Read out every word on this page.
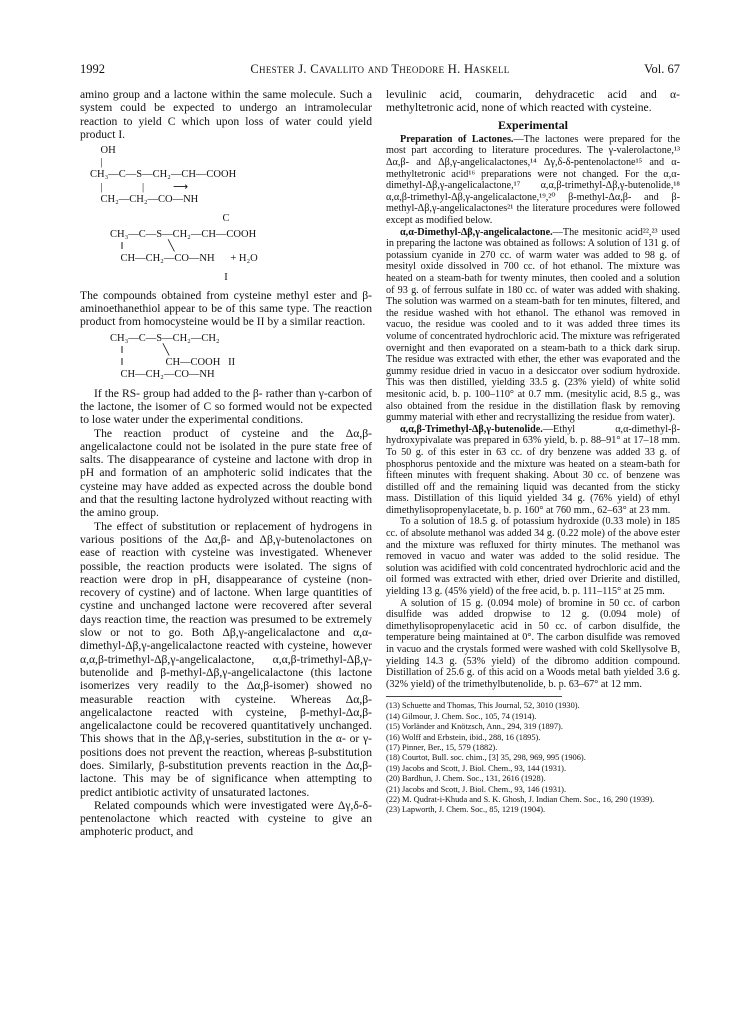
1992	Chester J. Cavallito and Theodore H. Haskell	Vol. 67

amino group and a lactone within the same molecule. Such a system could be expected to undergo an intramolecular reaction to yield C which upon loss of water could yield product I.

OH
|
CH₃—C—S—CH₂—CH—COOH
|               |	⟶
CH₂—CH₂—CO—NH
C
CH₃—C—S—CH₂—CH—COOH
‖                 ╲
CH—CH₂—CO—NH      + H₂O
I

The compounds obtained from cysteine methyl ester and β-aminoethanethiol appear to be of this same type. The reaction product from homocysteine would be II by a similar reaction.

CH₃—C—S—CH₂—CH₂
‖               ╲
‖                CH—COOH   II
CH—CH₂—CO—NH

If the RS- group had added to the β- rather than γ-carbon of the lactone, the isomer of C so formed would not be expected to lose water under the experimental conditions.

The reaction product of cysteine and the Δα,β-angelicalactone could not be isolated in the pure state free of salts. The disappearance of cysteine and lactone with drop in pH and formation of an amphoteric solid indicates that the cysteine may have added as expected across the double bond and that the resulting lactone hydrolyzed without reacting with the amino group.

The effect of substitution or replacement of hydrogens in various positions of the Δα,β- and Δβ,γ-butenolactones on ease of reaction with cysteine was investigated. Whenever possible, the reaction products were isolated. The signs of reaction were drop in pH, disappearance of cysteine (non-recovery of cystine) and of lactone. When large quantities of cystine and unchanged lactone were recovered after several days reaction time, the reaction was presumed to be extremely slow or not to go. Both Δβ,γ-angelicalactone and α,α-dimethyl-Δβ,γ-angelicalactone reacted with cysteine, however α,α,β-trimethyl-Δβ,γ-angelicalactone, α,α,β-trimethyl-Δβ,γ-butenolide and β-methyl-Δβ,γ-angelicalactone (this lactone isomerizes very readily to the Δα,β-isomer) showed no measurable reaction with cysteine. Whereas Δα,β-angelicalactone reacted with cysteine, β-methyl-Δα,β-angelicalactone could be recovered quantitatively unchanged. This shows that in the Δβ,γ-series, substitution in the α- or γ-positions does not prevent the reaction, whereas β-substitution does. Similarly, β-substitution prevents reaction in the Δα,β-lactone. This may be of significance when attempting to predict antibiotic activity of unsaturated lactones.

Related compounds which were investigated were Δγ,δ-δ-pentenolactone which reacted with cysteine to give an amphoteric product, and

levulinic acid, coumarin, dehydracetic acid and α-methyltetronic acid, none of which reacted with cysteine.

Experimental

Preparation of Lactones.—The lactones were prepared for the most part according to literature procedures. The γ-valerolactone,¹³ Δα,β- and Δβ,γ-angelicalactones,¹⁴ Δγ,δ-δ-pentenolactone¹⁵ and α-methyltetronic acid¹⁶ preparations were not changed. For the α,α-dimethyl-Δβ,γ-angelicalactone,¹⁷ α,α,β-trimethyl-Δβ,γ-butenolide,¹⁸ α,α,β-trimethyl-Δβ,γ-angelicalactone,¹⁹,²⁰ β-methyl-Δα,β- and β-methyl-Δβ,γ-angelicalactones²¹ the literature procedures were followed except as modified below.

α,α-Dimethyl-Δβ,γ-angelicalactone.—The mesitonic acid²²,²³ used in preparing the lactone was obtained as follows: A solution of 131 g. of potassium cyanide in 270 cc. of warm water was added to 98 g. of mesityl oxide dissolved in 700 cc. of hot ethanol. The mixture was heated on a steam-bath for twenty minutes, then cooled and a solution of 93 g. of ferrous sulfate in 180 cc. of water was added with shaking. The solution was warmed on a steam-bath for ten minutes, filtered, and the residue washed with hot ethanol. The ethanol was removed in vacuo, the residue was cooled and to it was added three times its volume of concentrated hydrochloric acid. The mixture was refrigerated overnight and then evaporated on a steam-bath to a thick dark sirup. The residue was extracted with ether, the ether was evaporated and the gummy residue dried in vacuo in a desiccator over sodium hydroxide. This was then distilled, yielding 33.5 g. (23% yield) of white solid mesitonic acid, b. p. 100–110° at 0.7 mm. (mesitylic acid, 8.5 g., was also obtained from the residue in the distillation flask by removing gummy material with ether and recrystallizing the residue from water).

α,α,β-Trimethyl-Δβ,γ-butenolide.—Ethyl α,α-dimethyl-β-hydroxypivalate was prepared in 63% yield, b. p. 88–91° at 17–18 mm. To 50 g. of this ester in 63 cc. of dry benzene was added 33 g. of phosphorus pentoxide and the mixture was heated on a steam-bath for fifteen minutes with frequent shaking. About 30 cc. of benzene was distilled off and the remaining liquid was decanted from the sticky mass. Distillation of this liquid yielded 34 g. (76% yield) of ethyl dimethylisopropenylacetate, b. p. 160° at 760 mm., 62–63° at 23 mm.

To a solution of 18.5 g. of potassium hydroxide (0.33 mole) in 185 cc. of absolute methanol was added 34 g. (0.22 mole) of the above ester and the mixture was refluxed for thirty minutes. The methanol was removed in vacuo and water was added to the solid residue. The solution was acidified with cold concentrated hydrochloric acid and the oil formed was extracted with ether, dried over Drierite and distilled, yielding 13 g. (45% yield) of the free acid, b. p. 111–115° at 25 mm.

A solution of 15 g. (0.094 mole) of bromine in 50 cc. of carbon disulfide was added dropwise to 12 g. (0.094 mole) of dimethylisopropenylacetic acid in 50 cc. of carbon disulfide, the temperature being maintained at 0°. The carbon disulfide was removed in vacuo and the crystals formed were washed with cold Skellysolve B, yielding 14.3 g. (53% yield) of the dibromo addition compound. Distillation of 25.6 g. of this acid on a Woods metal bath yielded 3.6 g. (32% yield) of the trimethylbutenolide, b. p. 63–67° at 12 mm.

(13) Schuette and Thomas, This Journal, 52, 3010 (1930).
(14) Gilmour, J. Chem. Soc., 105, 74 (1914).
(15) Vorländer and Knötzsch, Ann., 294, 319 (1897).
(16) Wolff and Erbstein, ibid., 288, 16 (1895).
(17) Pinner, Ber., 15, 579 (1882).
(18) Courtot, Bull. soc. chim., [3] 35, 298, 969, 995 (1906).
(19) Jacobs and Scott, J. Biol. Chem., 93, 144 (1931).
(20) Bardhun, J. Chem. Soc., 131, 2616 (1928).
(21) Jacobs and Scott, J. Biol. Chem., 93, 146 (1931).
(22) M. Qudrat-i-Khuda and S. K. Ghosh, J. Indian Chem. Soc., 16, 290 (1939).
(23) Lapworth, J. Chem. Soc., 85, 1219 (1904).
